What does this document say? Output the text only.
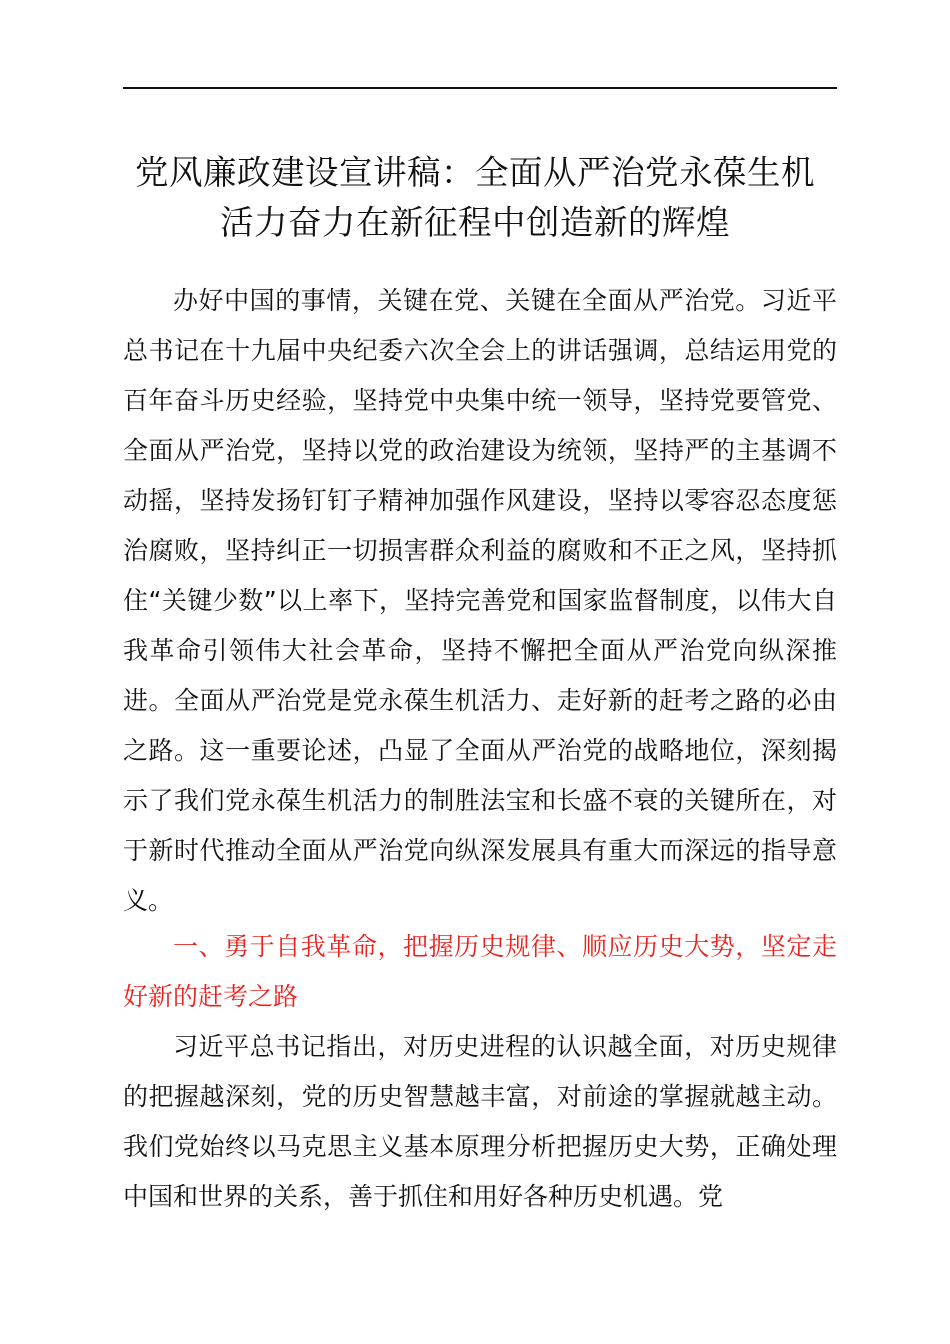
党风廉政建设宣讲稿：全面从严治党永葆生机
活力奋力在新征程中创造新的辉煌

办好中国的事情，关键在党、关键在全面从严治党。习近平总书记在十九届中央纪委六次全会上的讲话强调，总结运用党的百年奋斗历史经验，坚持党中央集中统一领导，坚持党要管党、全面从严治党，坚持以党的政治建设为统领，坚持严的主基调不动摇，坚持发扬钉钉子精神加强作风建设，坚持以零容忍态度惩治腐败，坚持纠正一切损害群众利益的腐败和不正之风，坚持抓住“关键少数”以上率下，坚持完善党和国家监督制度，以伟大自我革命引领伟大社会革命，坚持不懈把全面从严治党向纵深推进。全面从严治党是党永葆生机活力、走好新的赶考之路的必由之路。这一重要论述，凸显了全面从严治党的战略地位，深刻揭示了我们党永葆生机活力的制胜法宝和长盛不衰的关键所在，对于新时代推动全面从严治党向纵深发展具有重大而深远的指导意义。

一、勇于自我革命，把握历史规律、顺应历史大势，坚定走好新的赶考之路

习近平总书记指出，对历史进程的认识越全面，对历史规律的把握越深刻，党的历史智慧越丰富，对前途的掌握就越主动。我们党始终以马克思主义基本原理分析把握历史大势，正确处理中国和世界的关系，善于抓住和用好各种历史机遇。党
